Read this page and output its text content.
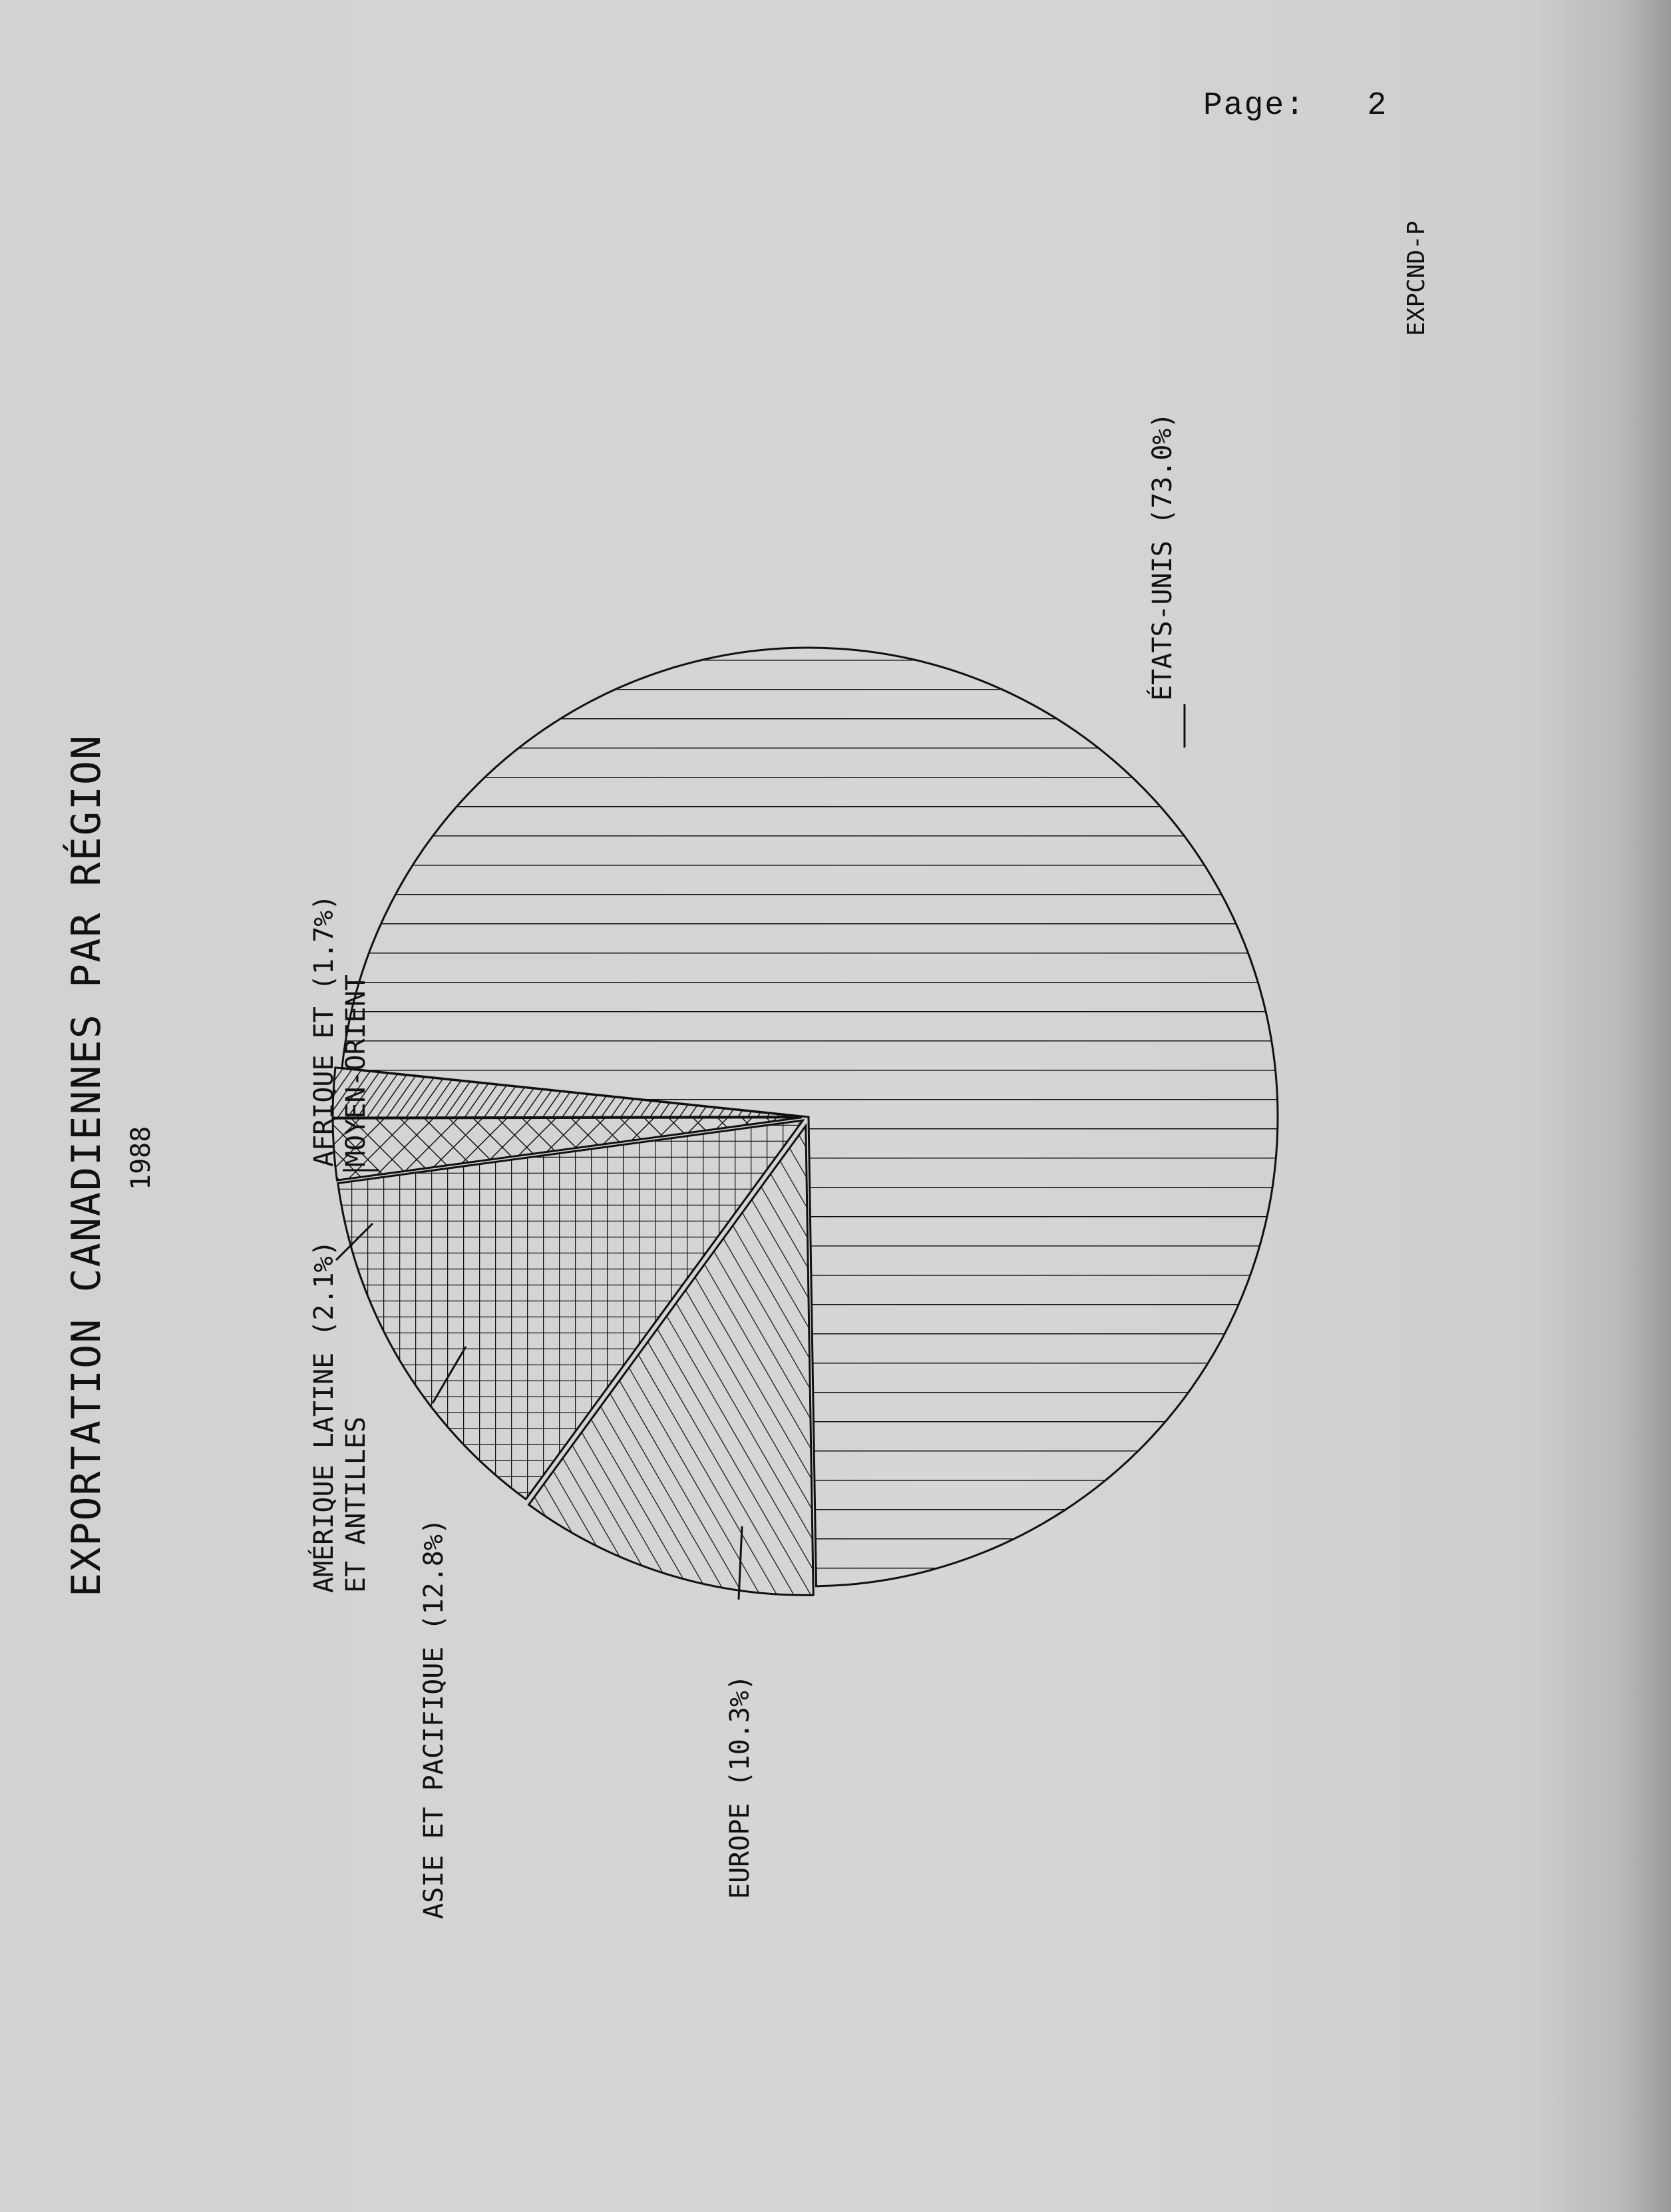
Page: 2
EXPORTATION CANADIENNES PAR RÉGION 1988
EXPCND-P
ÉTATS-UNIS (73.0%)
EUROPE (10.3%)
ASIE ET PACIFIQUE (12.8%)
AMÉRIQUE LATINE (2.1%) ET ANTILLES
AFRIQUE ET (1.7%) MOYEN-ORIENT
